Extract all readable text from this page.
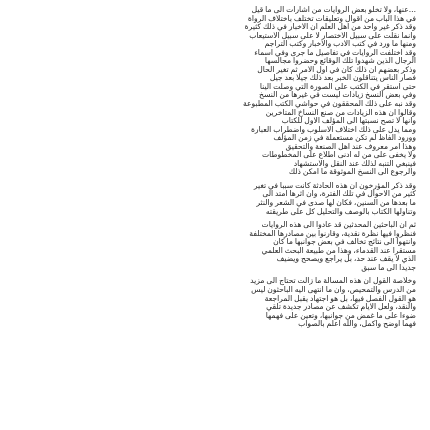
...عنها، ولا تخلو بعض الروايات من اشارات الى ما قيل
في هذا الباب من اقوال وتعليقات تختلف باختلاف الرواة
وقد ذكر غير واحد من اهل العلم ان الاخبار في ذلك كثيرة
وانما نقلت على سبيل الاختصار لا على سبيل الاستيعاب
ومنها ما ورد في كتب الادب والاخبار وكتب التراجم
وقد اختلفت الروايات في تفاصيل ما جرى وفي اسماء
الرجال الذين شهدوا تلك الوقائع وحضروا مجالسها
وذكر بعضهم ان ذلك كان في اول الامر ثم تغير الحال
فصار الناس يتناقلون الخبر بعد ذلك جيلا بعد جيل
حتى استقر في الكتب على الصورة التي وصلت الينا
وفي بعض النسخ زيادات ليست في غيرها من النسخ
وقد نبه على ذلك المحققون في حواشي الكتب المطبوعة
وقالوا ان هذه الزيادات من صنع النساخ المتأخرين
وانها لا تصح نسبتها الى المؤلف الاول للكتاب
ومما يدل على ذلك اختلاف الاسلوب واضطراب العبارة
وورود الفاظ لم تكن مستعملة في زمن المؤلف
وهذا امر معروف عند اهل الصنعة والتحقيق
ولا يخفى على من له ادنى اطلاع على المخطوطات
فينبغي التنبه لذلك عند النقل والاستشهاد
والرجوع الى النسخ الموثوقة ما امكن ذلك
وقد ذكر المؤرخون ان هذه الحادثة كانت سببا في تغير
كثير من الاحوال في تلك الفترة، وان اثرها امتد الى
ما بعدها من السنين، فكان لها صدى في الشعر والنثر
وتناولها الكتاب بالوصف والتحليل كل على طريقته
ثم ان الباحثين المحدثين قد عادوا الى هذه الروايات
فنظروا فيها نظرة نقدية، وقارنوا بين مصادرها المختلفة
وانتهوا الى نتائج تخالف في بعض جوانبها ما كان
مستقرا عند القدماء، وهذا من طبيعة البحث العلمي
الذي لا يقف عند حد، بل يراجع ويصحح ويضيف
جديدا الى ما سبق
وخلاصة القول ان هذه المسألة ما زالت تحتاج الى مزيد
من الدرس والتمحيص، وان ما انتهى اليه الباحثون ليس
هو القول الفصل فيها، بل هو اجتهاد يقبل المراجعة
والنقد، ولعل الايام تكشف عن مصادر جديدة تلقي
ضوءا على ما غمض من جوانبها، وتعين على فهمها
فهما اوضح واكمل، والله اعلم بالصواب
